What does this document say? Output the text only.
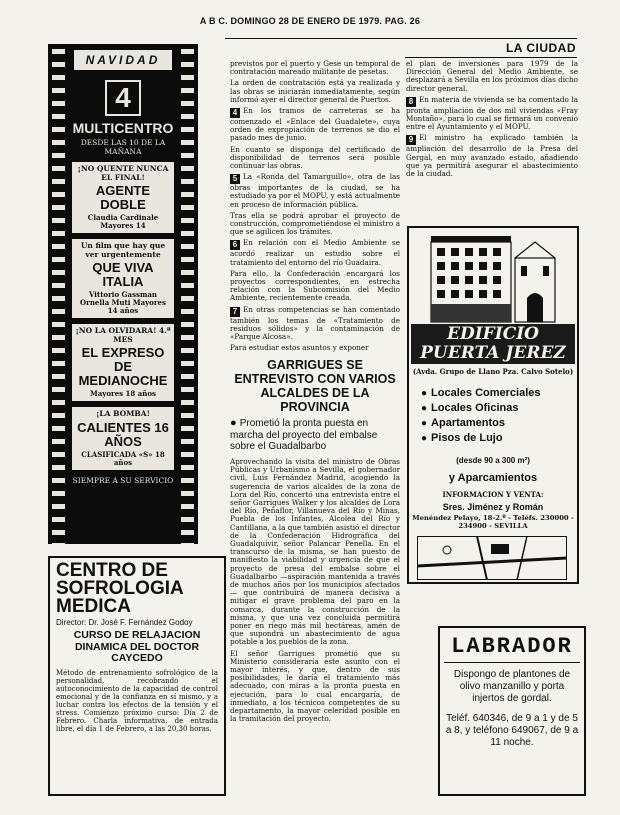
A B C. DOMINGO 28 DE ENERO DE 1979. PAG. 26
LA CIUDAD
NAVIDAD
4
MULTICENTRO
DESDE LAS 10 DE LA MAÑANA
¡NO QUENTE NUNCA EL FINAL!
AGENTE DOBLE
Claudia Cardinale Mayores 14
Un film que hay que ver urgentemente
QUE VIVA ITALIA
Vittorio Gassman Ornella Muti Mayores 14 años
¡NO LA OLVIDARA! 4.ª MES
EL EXPRESO DE MEDIANOCHE
Mayores 18 años
¡LA BOMBA!
CALIENTES 16 AÑOS
CLASIFICADA «S» 18 años
SIEMPRE A SU SERVICIO
CENTRO DE SOFROLOGIA MEDICA
Director: Dr. José F. Fernández Godoy
CURSO DE RELAJACION DINAMICA DEL DOCTOR CAYCEDO
Método de entrenamiento sofrológico de la personalidad, recobrando el autoconocimiento de la capacidad de control emocional y de la confianza en sí mismo, y a luchar contra los efectos de la tensión y el stress. Comienzo próximo curso: Día 2 de Febrero. Charla informativa, de entrada libre, el día 1 de Febrero, a las 20,30 horas.

previstos por el puerto y Gese un temporal de contratación mareado militante de pesetas.

La orden de contratación está ya realizada y las obras se iniciarán inmediatamente, según informó ayer el director general de Puertos.

4 En los tramos de carreteras se ha comenzado el «Enlace del Guadalete», cuya orden de expropiación de terrenos se dio el pasado mes de junio.

En cuanto se disponga del certificado de disponibilidad de terrenos será posible continuar las obras.

5 La «Ronda del Tamarguillo», otra de las obras importantes de la ciudad, se ha estudiado ya por el MOPU, y está actualmente en proceso de información pública.

Tras ella se podrá aprobar el proyecto de construcción, comprometiéndose el ministro a que se agilicen los trámites.

6 En relación con el Medio Ambiente se acordó realizar un estudio sobre el tratamiento del entorno del río Guadaira.

Para ello, la Confederación encargará los proyectos correspondientes, en estrecha relación con la Subcomisión del Medio Ambiente, recientemente creada.

7 En otras competencias se han comentado también los temas de «Tratamiento de residuos sólidos» y la contaminación de «Parque Alcosa».

Para estudiar estos asuntos y exponer

GARRIGUES SE ENTREVISTO CON VARIOS ALCALDES DE LA PROVINCIA
● Prometió la pronta puesta en marcha del proyecto del embalse sobre el Guadalbarbo

Aprovechando la visita del ministro de Obras Públicas y Urbanismo a Sevilla, el gobernador civil, Luis Fernández Madrid, acogiendo la sugerencia de varios alcaldes de la zona de Lora del Río, concertó una entrevista entre el señor Garrigues Walker y los alcaldes de Lora del Río, Peñaflor, Villanueva del Río y Minas, Puebla de los Infantes, Alcolea del Río y Cantillana, a la que también asistió el director de la Confederación Hidrográfica del Guadalquivir, señor Palancar Penella. En el transcurso de la misma, se han puesto de manifiesto la viabilidad y urgencia de que el proyecto de presa del embalse sobre el Guadalbarbo —aspiración mantenida a través de muchos años por los municipios afectados— que contribuirá de manera decisiva a mitigar el grave problema del paro en la comarca, durante la construcción de la misma, y que una vez concluida permitirá poner en riego más mil hectáreas, amén de que supondrá un abastecimiento de agua potable a los pueblos de la zona.

El señor Garrigues prometió que su Ministerio consideraría este asunto con el mayor interés, y que, dentro de sus posibilidades, le daría el tratamiento más adecuado, con miras a la pronta puesta en ejecución, para lo cual encargaría, de inmediato, a los técnicos competentes de su departamento, la mayor celeridad posible en la tramitación del proyecto.

el plan de inversiones para 1979 de la Dirección General del Medio Ambiente, se desplazará a Sevilla en los próximos días dicho director general.

8 En materia de vivienda se ha comentado la pronta ampliación de dos mil viviendas «Fray Montaño», para lo cual se firmará un convenio entre el Ayuntamiento y el MOPU.

9 El ministro ha explicado también la ampliación del desarrollo de la Presa del Gergal, en muy avanzado estado, añadiendo que ya permitirá asegurar el abastecimiento de la ciudad.

EDIFICIO PUERTA JEREZ
(Avda. Grupo de Llano Pza. Calvo Sotelo)
● Locales Comerciales
● Locales Oficinas
● Apartamentos
● Pisos de Lujo
(desde 90 a 300 m²)
y Aparcamientos
INFORMACION Y VENTA:
Sres. Jiménez y Román
Menéndez Pelayo, 18-2.º - Teléfs. 230000 - 234900 - SEVILLA
LABRADOR
Dispongo de plantones de olivo manzanillo y porta injertos de gordal.
Teléf. 640346, de 9 a 1 y de 5 a 8, y teléfono 649067, de 9 a 11 noche.
